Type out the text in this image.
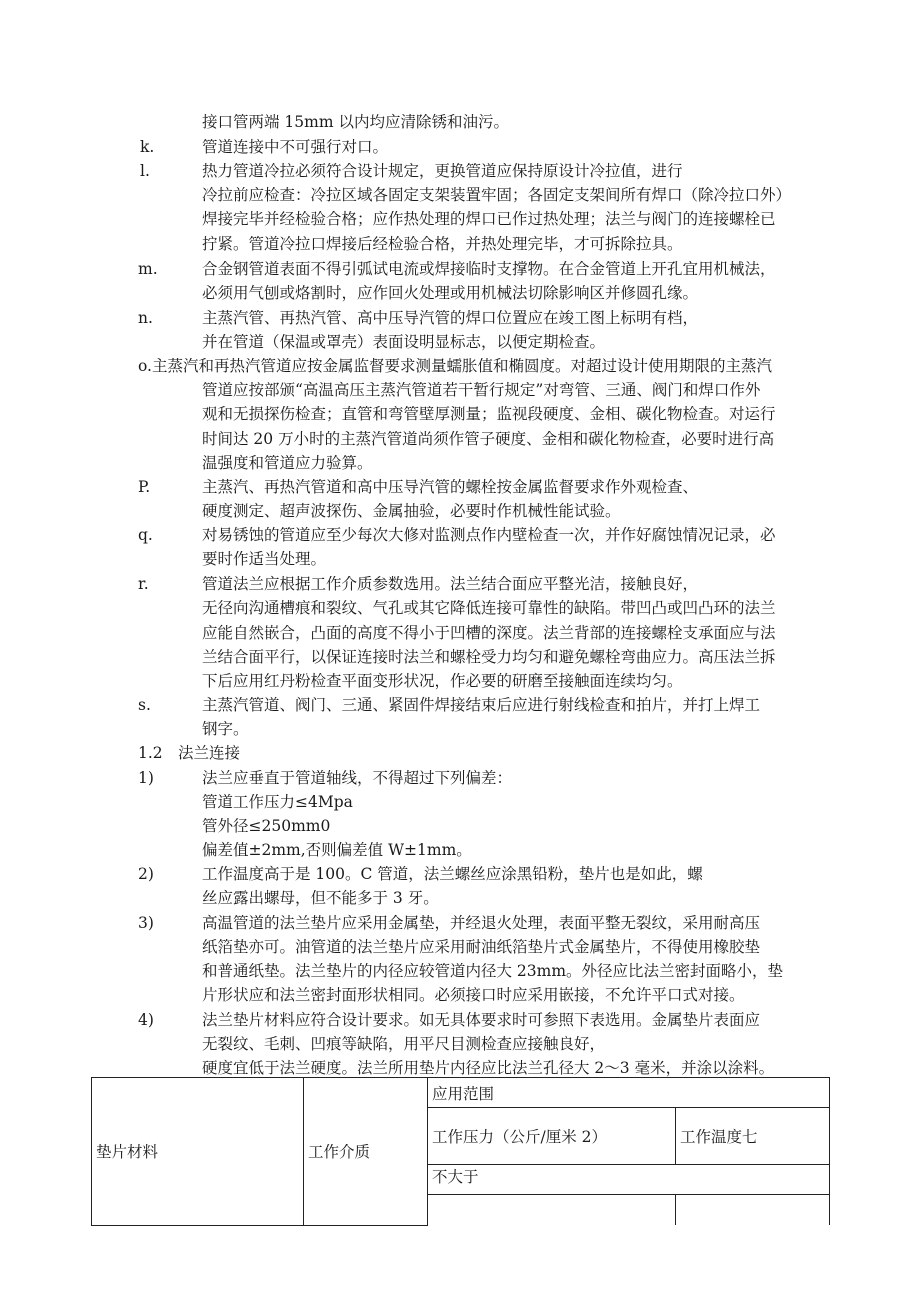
接口管两端 15mm 以内均应清除锈和油污。
k.	管道连接中不可强行对口。
l.	热力管道冷拉必须符合设计规定，更换管道应保持原设计冷拉值，进行
冷拉前应检查：冷拉区域各固定支架装置牢固；各固定支架间所有焊口（除冷拉口外）
焊接完毕并经检验合格；应作热处理的焊口已作过热处理；法兰与阀门的连接螺栓已
拧紧。管道冷拉口焊接后经检验合格，并热处理完毕，才可拆除拉具。
m.	合金钢管道表面不得引弧试电流或焊接临时支撑物。在合金管道上开孔宜用机械法，
必须用气刨或烙割时，应作回火处理或用机械法切除影响区并修圆孔缘。
n.	主蒸汽管、再热汽管、高中压导汽管的焊口位置应在竣工图上标明有档，
并在管道（保温或罩壳）表面设明显标志，以便定期检查。
o.主蒸汽和再热汽管道应按金属监督要求测量蠕胀值和椭圆度。对超过设计使用期限的主蒸汽
管道应按部颁“高温高压主蒸汽管道若干暂行规定”对弯管、三通、阀门和焊口作外
观和无损探伤检查；直管和弯管壁厚测量；监视段硬度、金相、碳化物检查。对运行
时间达 20 万小时的主蒸汽管道尚须作管子硬度、金相和碳化物检查，必要时进行高
温强度和管道应力验算。
P.	主蒸汽、再热汽管道和高中压导汽管的螺栓按金属监督要求作外观检查、
硬度测定、超声波探伤、金属抽验，必要时作机械性能试验。
q.	对易锈蚀的管道应至少每次大修对监测点作内壁检查一次，并作好腐蚀情况记录，必
要时作适当处理。
r.	管道法兰应根据工作介质参数选用。法兰结合面应平整光洁，接触良好，
无径向沟通槽痕和裂纹、气孔或其它降低连接可靠性的缺陷。带凹凸或凹凸环的法兰
应能自然嵌合，凸面的高度不得小于凹槽的深度。法兰背部的连接螺栓支承面应与法
兰结合面平行，以保证连接时法兰和螺栓受力均匀和避免螺栓弯曲应力。高压法兰拆
下后应用红丹粉检查平面变形状况，作必要的研磨至接触面连续均匀。
s.	主蒸汽管道、阀门、三通、紧固件焊接结束后应进行射线检查和拍片，并打上焊工
钢字。
1.2 法兰连接
1)	法兰应垂直于管道轴线，不得超过下列偏差：
管道工作压力≤4Mpa
管外径≤250mm0
偏差值±2mm,否则偏差值 W±1mm。
2)	工作温度高于是 100。C 管道，法兰螺丝应涂黑铅粉，垫片也是如此，螺
丝应露出螺母，但不能多于 3 牙。
3)	高温管道的法兰垫片应采用金属垫，并经退火处理，表面平整无裂纹，采用耐高压
纸箔垫亦可。油管道的法兰垫片应采用耐油纸箔垫片式金属垫片，不得使用橡胶垫
和普通纸垫。法兰垫片的内径应较管道内径大 23mm。外径应比法兰密封面略小，垫
片形状应和法兰密封面形状相同。必须接口时应采用嵌接，不允许平口式对接。
4)	法兰垫片材料应符合设计要求。如无具体要求时可参照下表选用。金属垫片表面应
无裂纹、毛刺、凹痕等缺陷，用平尺目测检查应接触良好，
硬度宜低于法兰硬度。法兰所用垫片内径应比法兰孔径大 2～3 毫米，并涂以涂料。
垫片材料	工作介质	应用范围	
		工作压力（公斤/厘米 2）	工作温度七
		不大于	
